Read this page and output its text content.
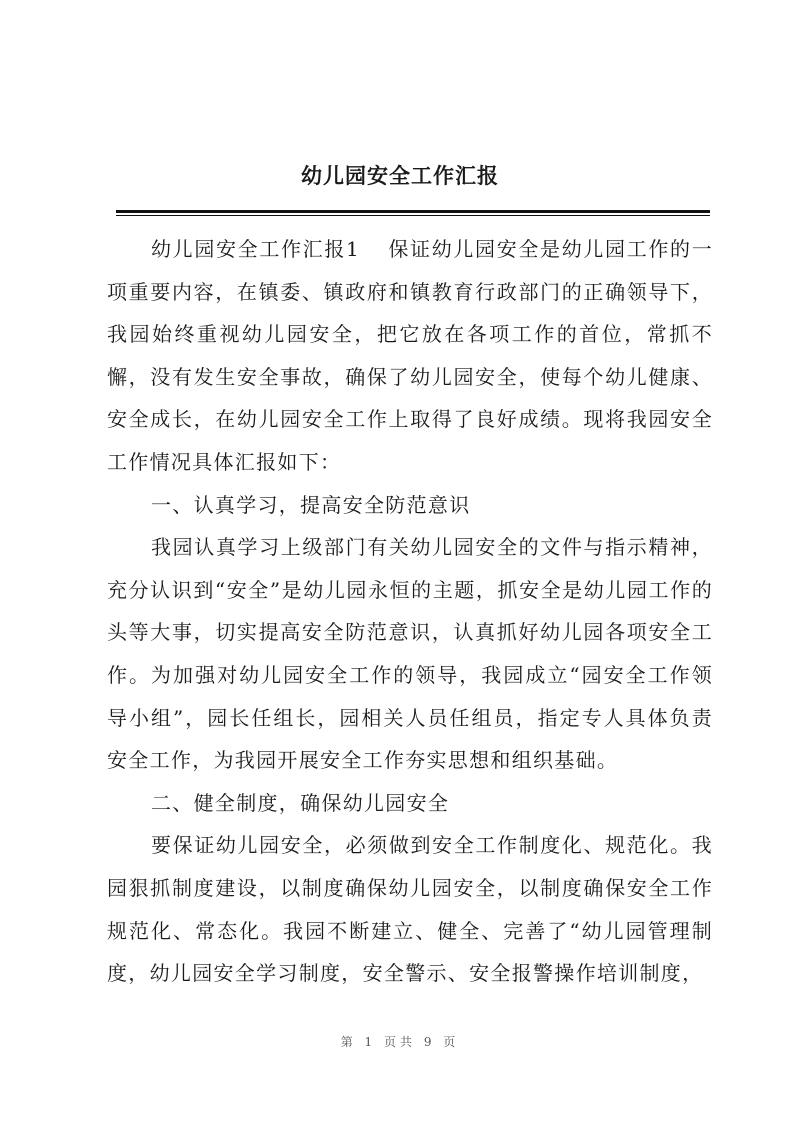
幼儿园安全工作汇报

幼儿园安全工作汇报1 保证幼儿园安全是幼儿园工作的一项重要内容，在镇委、镇政府和镇教育行政部门的正确领导下，我园始终重视幼儿园安全，把它放在各项工作的首位，常抓不懈，没有发生安全事故，确保了幼儿园安全，使每个幼儿健康、安全成长，在幼儿园安全工作上取得了良好成绩。现将我园安全工作情况具体汇报如下：

一、认真学习，提高安全防范意识

我园认真学习上级部门有关幼儿园安全的文件与指示精神，充分认识到“安全”是幼儿园永恒的主题，抓安全是幼儿园工作的头等大事，切实提高安全防范意识，认真抓好幼儿园各项安全工作。为加强对幼儿园安全工作的领导，我园成立“园安全工作领导小组”，园长任组长，园相关人员任组员，指定专人具体负责安全工作，为我园开展安全工作夯实思想和组织基础。

二、健全制度，确保幼儿园安全

要保证幼儿园安全，必须做到安全工作制度化、规范化。我园狠抓制度建设，以制度确保幼儿园安全，以制度确保安全工作规范化、常态化。我园不断建立、健全、完善了“幼儿园管理制度，幼儿园安全学习制度，安全警示、安全报警操作培训制度，

第 1 页共 9 页
